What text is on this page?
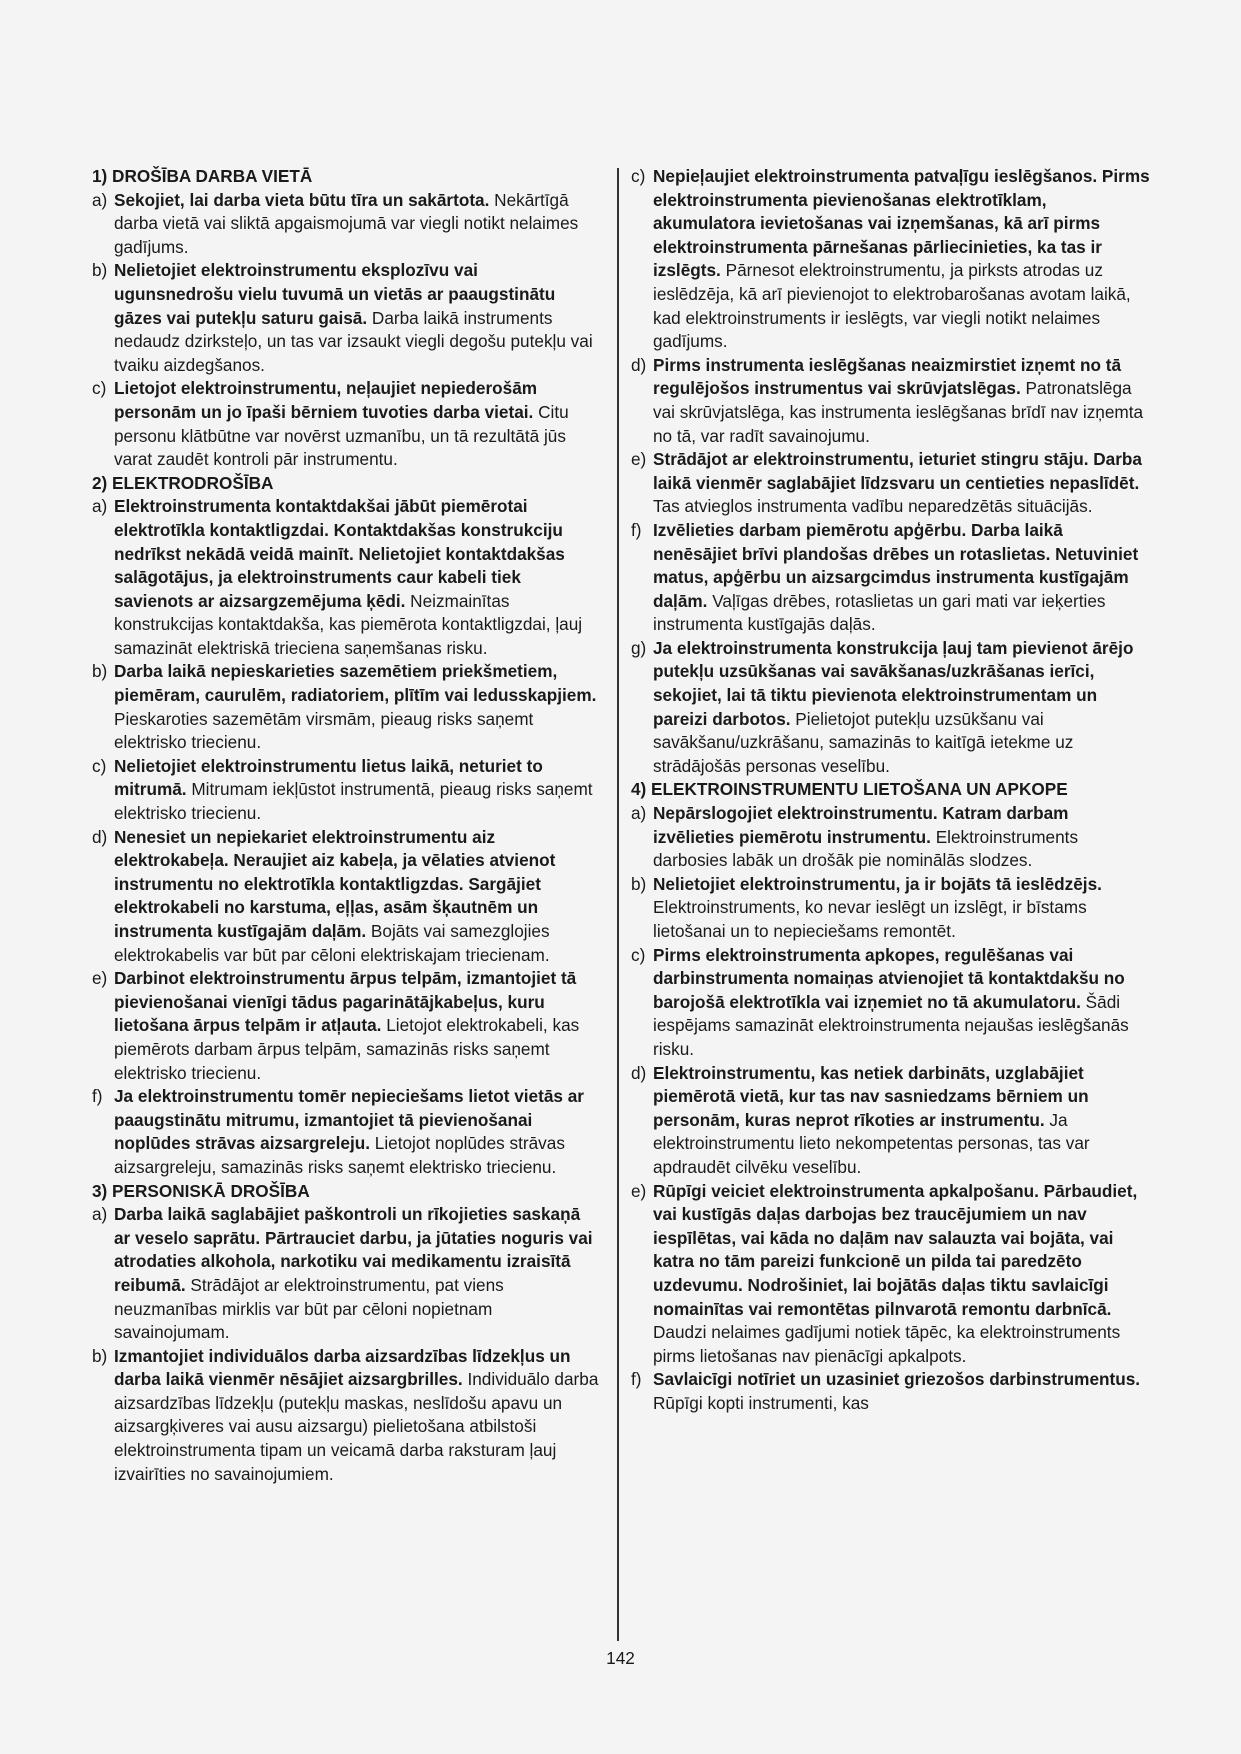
1) DROŠĪBA DARBA VIETĀ
a) Sekojiet, lai darba vieta būtu tīra un sakārtota. Nekārtīgā darba vietā vai sliktā apgaismojumā var viegli notikt nelaimes gadījums.
b) Nelietojiet elektroinstrumentu eksplozīvu vai ugunsnedrošu vielu tuvumā un vietās ar paaugstinātu gāzes vai putekļu saturu gaisā. Darba laikā instruments nedaudz dzirksteļo, un tas var izsaukt viegli degošu putekļu vai tvaiku aizdegšanos.
c) Lietojot elektroinstrumentu, neļaujiet nepiederošām personām un jo īpaši bērniem tuvoties darba vietai. Citu personu klātbūtne var novērst uzmanību, un tā rezultātā jūs varat zaudēt kontroli pār instrumentu.
2) ELEKTRODROŠĪBA
a) Elektroinstrumenta kontaktdakšai jābūt piemērotai elektrotīkla kontaktligzdai. Kontaktdakšas konstrukciju nedrīkst nekādā veidā mainīt. Nelietojiet kontaktdakšas salāgotājus, ja elektroinstruments caur kabeli tiek savienots ar aizsargzemējuma ķēdi. Neizmainītas konstrukcijas kontaktdakša, kas piemērota kontaktligzdai, ļauj samazināt elektriskā trieciena saņemšanas risku.
b) Darba laikā nepieskarieties sazemētiem priekšmetiem, piemēram, caurulēm, radiatoriem, plītīm vai ledusskapjiem. Pieskaroties sazemētām virsmām, pieaug risks saņemt elektrisko triecienu.
c) Nelietojiet elektroinstrumentu lietus laikā, neturiet to mitrumā. Mitrumam iekļūstot instrumentā, pieaug risks saņemt elektrisko triecienu.
d) Nenesiet un nepiekariet elektroinstrumentu aiz elektrokabeļa. Neraujiet aiz kabeļa, ja vēlaties atvienot instrumentu no elektrotīkla kontaktligzdas. Sargājiet elektrokabeli no karstuma, eļļas, asām šķautnēm un instrumenta kustīgajām daļām. Bojāts vai samezglojies elektrokabelis var būt par cēloni elektriskajam triecienam.
e) Darbinot elektroinstrumentu ārpus telpām, izmantojiet tā pievienošanai vienīgi tādus pagarinātājkabeļus, kuru lietošana ārpus telpām ir atļauta. Lietojot elektrokabeli, kas piemērots darbam ārpus telpām, samazinās risks saņemt elektrisko triecienu.
f) Ja elektroinstrumentu tomēr nepieciešams lietot vietās ar paaugstinātu mitrumu, izmantojiet tā pievienošanai noplūdes strāvas aizsargreleju. Lietojot noplūdes strāvas aizsargreleju, samazinās risks saņemt elektrisko triecienu.
3) PERSONISKĀ DROŠĪBA
a) Darba laikā saglabājiet paškontroli un rīkojieties saskaņā ar veselo saprātu. Pārtrauciet darbu, ja jūtaties noguris vai atrodaties alkohola, narkotiku vai medikamentu izraisītā reibumā. Strādājot ar elektroinstrumentu, pat viens neuzmanības mirklis var būt par cēloni nopietnam savainojumam.
b) Izmantojiet individuālos darba aizsardzības līdzekļus un darba laikā vienmēr nēsājiet aizsargbrilles. Individuālo darba aizsardzības līdzekļu (putekļu maskas, neslīdošu apavu un aizsargķiveres vai ausu aizsargu) pielietošana atbilstoši elektroinstrumenta tipam un veicamā darba raksturam ļauj izvairīties no savainojumiem.
c) Nepieļaujiet elektroinstrumenta patvaļīgu ieslēgšanos. Pirms elektroinstrumenta pievienošanas elektrotīklam, akumulatora ievietošanas vai izņemšanas, kā arī pirms elektroinstrumenta pārnešanas pārliecinieties, ka tas ir izslēgts. Pārnesot elektroinstrumentu, ja pirksts atrodas uz ieslēdzēja, kā arī pievienojot to elektrobarošanas avotam laikā, kad elektroinstruments ir ieslēgts, var viegli notikt nelaimes gadījums.
d) Pirms instrumenta ieslēgšanas neaizmirstiet izņemt no tā regulējošos instrumentus vai skrūvjatslēgas. Patronatslēga vai skrūvjatslēga, kas instrumenta ieslēgšanas brīdī nav izņemta no tā, var radīt savainojumu.
e) Strādājot ar elektroinstrumentu, ieturiet stingru stāju. Darba laikā vienmēr saglabājiet līdzsvaru un centieties nepaslīdēt. Tas atvieglos instrumenta vadību neparedzētās situācijās.
f) Izvēlieties darbam piemērotu apģērbu. Darba laikā nenēsājiet brīvi plandošas drēbes un rotaslietas. Netuviniet matus, apģērbu un aizsargcimdus instrumenta kustīgajām daļām. Vaļīgas drēbes, rotaslietas un gari mati var ieķerties instrumenta kustīgajās daļās.
g) Ja elektroinstrumenta konstrukcija ļauj tam pievienot ārējo putekļu uzsūkšanas vai savākšanas/uzkrāšanas ierīci, sekojiet, lai tā tiktu pievienota elektroinstrumentam un pareizi darbotos. Pielietojot putekļu uzsūkšanu vai savākšanu/uzkrāšanu, samazinās to kaitīgā ietekme uz strādājošās personas veselību.
4) ELEKTROINSTRUMENTU LIETOŠANA UN APKOPE
a) Nepārslogojiet elektroinstrumentu. Katram darbam izvēlieties piemērotu instrumentu. Elektroinstruments darbosies labāk un drošāk pie nominālās slodzes.
b) Nelietojiet elektroinstrumentu, ja ir bojāts tā ieslēdzējs. Elektroinstruments, ko nevar ieslēgt un izslēgt, ir bīstams lietošanai un to nepieciešams remontēt.
c) Pirms elektroinstrumenta apkopes, regulēšanas vai darbinstrumenta nomaiņas atvienojiet tā kontaktdakšu no barojošā elektrotīkla vai izņemiet no tā akumulatoru. Šādi iespējams samazināt elektroinstrumenta nejaušas ieslēgšanās risku.
d) Elektroinstrumentu, kas netiek darbināts, uzglabājiet piemērotā vietā, kur tas nav sasniedzams bērniem un personām, kuras neprot rīkoties ar instrumentu. Ja elektroinstrumentu lieto nekompetentas personas, tas var apdraudēt cilvēku veselību.
e) Rūpīgi veiciet elektroinstrumenta apkalpošanu. Pārbaudiet, vai kustīgās daļas darbojas bez traucējumiem un nav iespīlētas, vai kāda no daļām nav salauzta vai bojāta, vai katra no tām pareizi funkcionē un pilda tai paredzēto uzdevumu. Nodrošiniet, lai bojātās daļas tiktu savlaicīgi nomainītas vai remontētas pilnvarotā remontu darbnīcā. Daudzi nelaimes gadījumi notiek tāpēc, ka elektroinstruments pirms lietošanas nav pienācīgi apkalpots.
f) Savlaicīgi notīriet un uzasiniet griezošos darbinstrumentus. Rūpīgi kopti instrumenti, kas
142
